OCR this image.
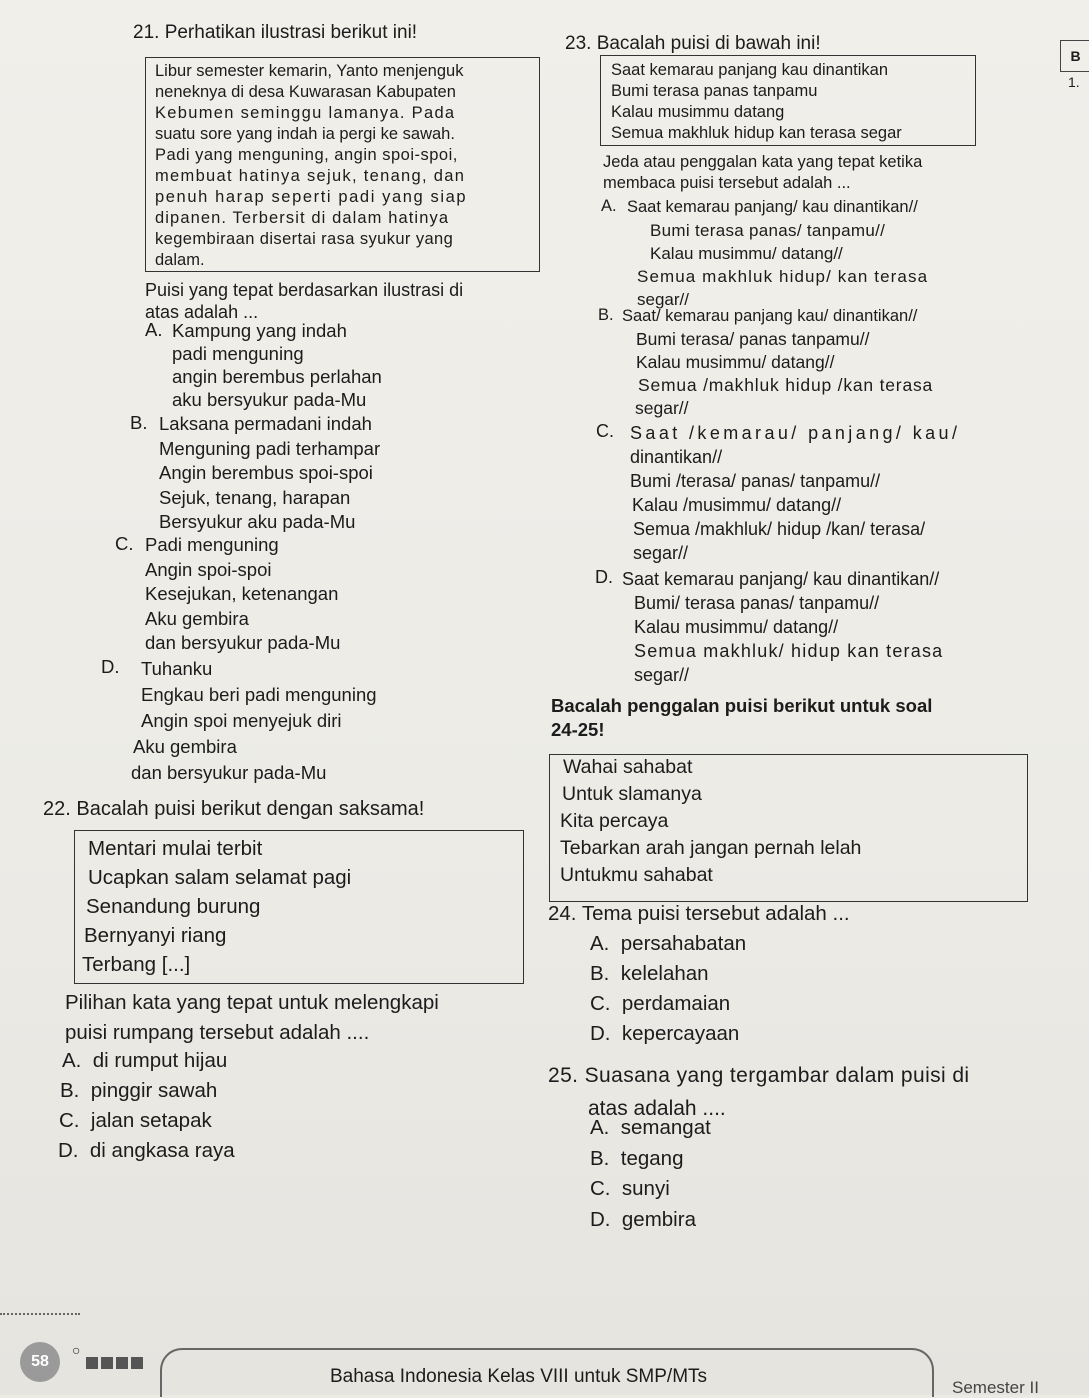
21. Perhatikan ilustrasi berikut ini!
Libur semester kemarin, Yanto menjenguk
neneknya di desa Kuwarasan Kabupaten
Kebumen seminggu lamanya. Pada
suatu sore yang indah ia pergi ke sawah.
Padi yang menguning, angin spoi-spoi,
membuat hatinya sejuk, tenang, dan
penuh harap seperti padi yang siap
dipanen. Terbersit di dalam hatinya
kegembiraan disertai rasa syukur yang
dalam.
Puisi yang tepat berdasarkan ilustrasi di
atas adalah ...
A. Kampung yang indah
padi menguning
angin berembus perlahan
aku bersyukur pada-Mu
B. Laksana permadani indah
Menguning padi terhampar
Angin berembus spoi-spoi
Sejuk, tenang, harapan
Bersyukur aku pada-Mu
C. Padi menguning
Angin spoi-spoi
Kesejukan, ketenangan
Aku gembira
dan bersyukur pada-Mu
D. Tuhanku
Engkau beri padi menguning
Angin spoi menyejuk diri
Aku gembira
dan bersyukur pada-Mu
22. Bacalah puisi berikut dengan saksama!
Mentari mulai terbit
Ucapkan salam selamat pagi
Senandung burung
Bernyanyi riang
Terbang [...]
Pilihan kata yang tepat untuk melengkapi
puisi rumpang tersebut adalah ....
A. di rumput hijau
B. pinggir sawah
C. jalan setapak
D. di angkasa raya
23. Bacalah puisi di bawah ini!
Saat kemarau panjang kau dinantikan
Bumi terasa panas tanpamu
Kalau musimmu datang
Semua makhluk hidup kan terasa segar
Jeda atau penggalan kata yang tepat ketika
membaca puisi tersebut adalah ...
A. Saat kemarau panjang/ kau dinantikan//
Bumi terasa panas/ tanpamu//
Kalau musimmu/ datang//
Semua makhluk hidup/ kan terasa
segar//
B. Saat/ kemarau panjang kau/ dinantikan//
Bumi terasa/ panas tanpamu//
Kalau musimmu/ datang//
Semua /makhluk hidup /kan terasa
segar//
C. Saat /kemarau/ panjang/ kau/
dinantikan//
Bumi /terasa/ panas/ tanpamu//
Kalau /musimmu/ datang//
Semua /makhluk/ hidup /kan/ terasa/
segar//
D. Saat kemarau panjang/ kau dinantikan//
Bumi/ terasa panas/ tanpamu//
Kalau musimmu/ datang//
Semua makhluk/ hidup kan terasa
segar//
Bacalah penggalan puisi berikut untuk soal
24-25!
Wahai sahabat
Untuk slamanya
Kita percaya
Tebarkan arah jangan pernah lelah
Untukmu sahabat
24. Tema puisi tersebut adalah ...
A. persahabatan
B. kelelahan
C. perdamaian
D. kepercayaan
25. Suasana yang tergambar dalam puisi di
atas adalah ....
A. semangat
B. tegang
C. sunyi
D. gembira
B
1.
58
○
Bahasa Indonesia Kelas VIII untuk SMP/MTs
Semester II
